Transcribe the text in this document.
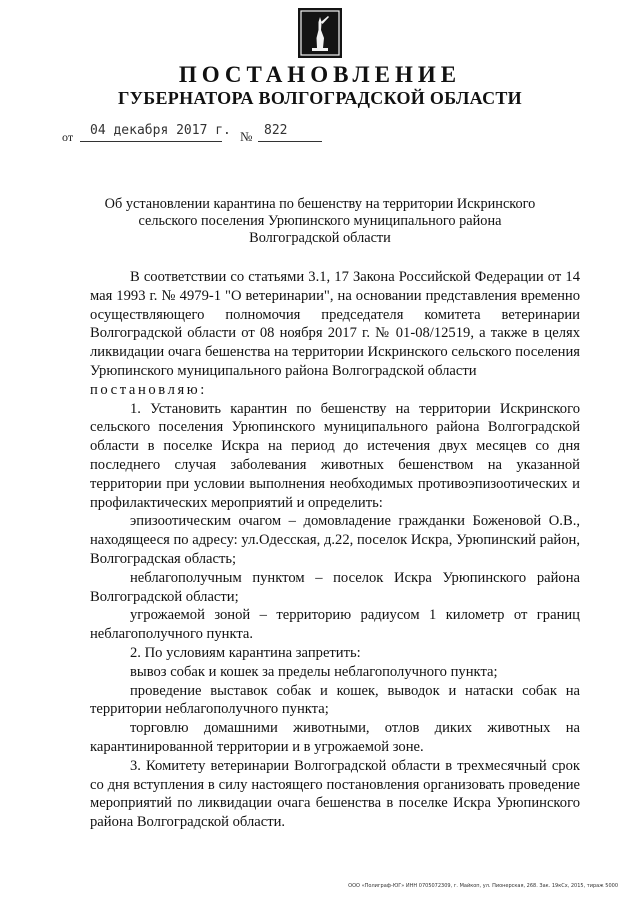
ПОСТАНОВЛЕНИЕ
ГУБЕРНАТОРА ВОЛГОГРАДСКОЙ ОБЛАСТИ
от 04 декабря 2017 г. № 822
Об установлении карантина по бешенству на территории Искринского
сельского поселения Урюпинского муниципального района
Волгоградской области

В соответствии со статьями 3.1, 17 Закона Российской Федерации от 14 мая 1993 г. № 4979-1 "О ветеринарии", на основании представления временно осуществляющего полномочия председателя комитета ветеринарии Волгоградской области от 08 ноября 2017 г. № 01-08/12519, а также в целях ликвидации очага бешенства на территории Искринского сельского поселения Урюпинского муниципального района Волгоградской области

постановляю:

1. Установить карантин по бешенству на территории Искринского сельского поселения Урюпинского муниципального района Волгоградской области в поселке Искра на период до истечения двух месяцев со дня последнего случая заболевания животных бешенством на указанной территории при условии выполнения необходимых противоэпизоотических и профилактических мероприятий и определить:

эпизоотическим очагом – домовладение гражданки Боженовой О.В., находящееся по адресу: ул.Одесская, д.22, поселок Искра, Урюпинский район, Волгоградская область;

неблагополучным пунктом – поселок Искра Урюпинского района Волгоградской области;

угрожаемой зоной – территорию радиусом 1 километр от границ неблагополучного пункта.

2. По условиям карантина запретить:

вывоз собак и кошек за пределы неблагополучного пункта;

проведение выставок собак и кошек, выводок и натаски собак на территории неблагополучного пункта;

торговлю домашними животными, отлов диких животных на карантинированной территории и в угрожаемой зоне.

3. Комитету ветеринарии Волгоградской области в трехмесячный срок со дня вступления в силу настоящего постановления организовать проведение мероприятий по ликвидации очага бешенства в поселке Искра Урюпинского района Волгоградской области.

ООО «Полиграф-ЮГ» ИНН 0705072309, г. Майкоп, ул. Пионерская, 268. Зак. 19кСх, 2015, тираж 5000
